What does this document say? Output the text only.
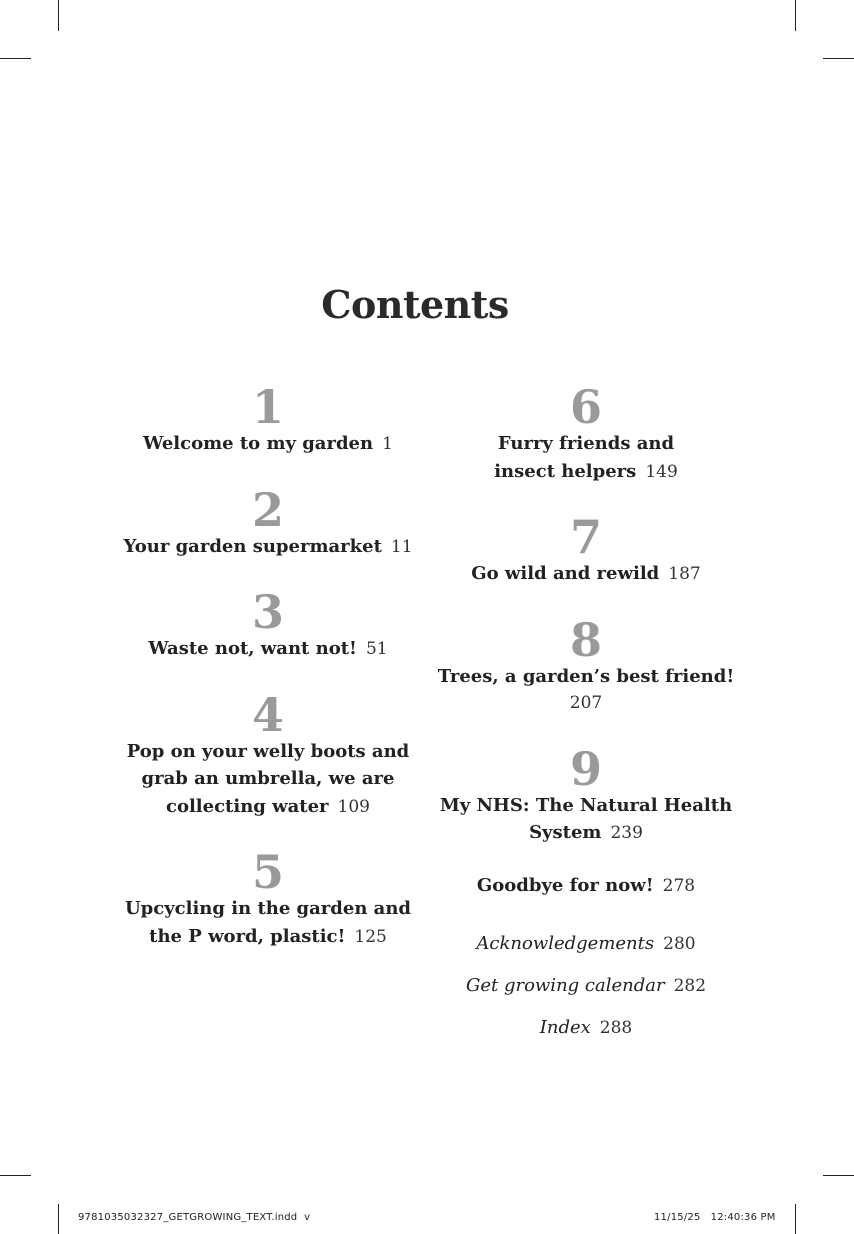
Contents
1
Welcome to my garden 1
2
Your garden supermarket 11
3
Waste not, want not! 51
4
Pop on your welly boots and
grab an umbrella, we are
collecting water 109
5
Upcycling in the garden and
the P word, plastic! 125
6
Furry friends and
insect helpers 149
7
Go wild and rewild 187
8
Trees, a garden’s best friend!
207
9
My NHS: The Natural Health
System 239
Goodbye for now! 278
Acknowledgements 280
Get growing calendar 282
Index 288
9781035032327_GETGROWING_TEXT.indd v	11/15/25 12:40:36 PM
